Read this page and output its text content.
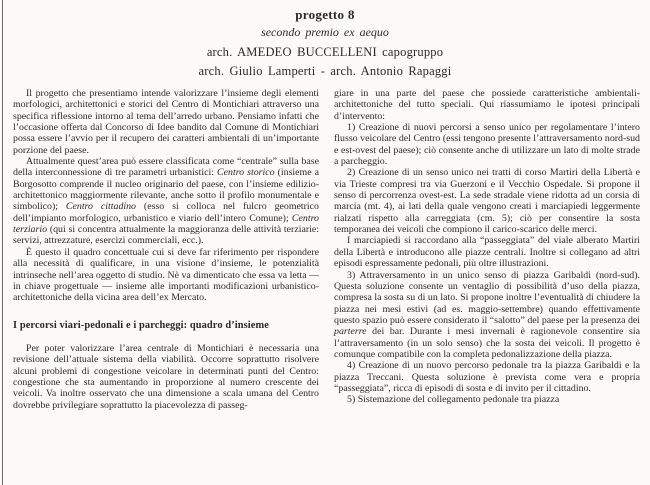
progetto 8
secondo premio ex aequo
arch. AMEDEO BUCCELLENI capogruppo
arch. Giulio Lamperti - arch. Antonio Rapaggi

Il progetto che presentiamo intende valorizzare l’insieme degli elementi morfologici, architettonici e storici del Centro di Montichiari attraverso una specifica riflessione intorno al tema dell’arredo urbano. Pensiamo infatti che l’occasione offerta dal Concorso di Idee bandito dal Comune di Montichiari possa essere l’avvio per il recupero dei caratteri ambientali di un’importante porzione del paese.

Attualmente quest’area può essere classificata come “centrale” sulla base della interconnessione di tre parametri urbanistici: Centro storico (insieme a Borgosotto comprende il nucleo originario del paese, con l’insieme edilizio-architettonico maggiormente rilevante, anche sotto il profilo monumentale e simbolico); Centro cittadino (esso si colloca nel fulcro geometrico dell’impianto morfologico, urbanistico e viario dell’intero Comune); Centro terziario (qui si concentra attualmente la maggioranza delle attività terziarie: servizi, attrezzature, esercizi commerciali, ecc.).

È questo il quadro concettuale cui si deve far riferimento per rispondere alla necessità di qualificare, in una visione d’insieme, le potenzialità intrinseche nell’area oggetto di studio. Nè va dimenticato che essa va letta — in chiave progettuale — insieme alle importanti modificazioni urbanistico-architettoniche della vicina area dell’ex Mercato.

I percorsi viari-pedonali e i parcheggi: quadro d’insieme

Per poter valorizzare l’area centrale di Montichiari è necessaria una revisione dell’attuale sistema della viabilità. Occorre soprattutto risolvere alcuni problemi di congestione veicolare in determinati punti del Centro: congestione che sta aumentando in proporzione al numero crescente dei veicoli. Va inoltre osservato che una dimensione a scala umana del Centro dovrebbe privilegiare soprattutto la piacevolezza di passeg-

giare in una parte del paese che possiede caratteristiche ambientali-architettoniche del tutto speciali. Qui riassumiamo le ipotesi principali d’intervento:

1) Creazione di nuovi percorsi a senso unico per regolamentare l’intero flusso veicolare del Centro (essi tengono presente l’attraversamento nord-sud e est-ovest del paese); ciò consente anche di utilizzare un lato di molte strade a parcheggio.

2) Creazione di un senso unico nei tratti di corso Martiri della Libertà e via Trieste compresi tra via Guerzoni e il Vecchio Ospedale. Si propone il senso di percorrenza ovest-est. La sede stradale viene ridotta ad un corsia di marcia (mt. 4), ai lati della quale vengono creati i marciapiedi leggermente rialzati rispetto alla carreggiata (cm. 5); ciò per consentire la sosta temporanea dei veicoli che compiono il carico-scarico delle merci.

I marciapiedi si raccordano alla “passeggiata” del viale alberato Martiri della Libertà e introducono alle piazze centrali. Inoltre si collegano ad altri episodi espressamente pedonali, più oltre illustrazioni.

3) Attraversamento in un unico senso di piazza Garibaldi (nord-sud). Questa soluzione consente un ventaglio di possibilità d’uso della piazza, compresa la sosta su di un lato. Si propone inoltre l’eventualità di chiudere la piazza nei mesi estivi (ad es. maggio-settembre) quando effettivamente questo spazio può essere considerato il “salotto” del paese per la presenza dei parterre dei bar. Durante i mesi invernali è ragionevole consentire sia l’attraversamento (in un solo senso) che la sosta dei veicoli. Il progetto è comunque compatibile con la completa pedonalizzazione della piazza.

4) Creazione di un nuovo percorso pedonale tra la piazza Garibaldi e la piazza Treccani. Questa soluzione è prevista come vera e propria “passeggiata”, ricca di episodi di sosta e di invito per il cittadino.

5) Sistemazione del collegamento pedonale tra piazza
